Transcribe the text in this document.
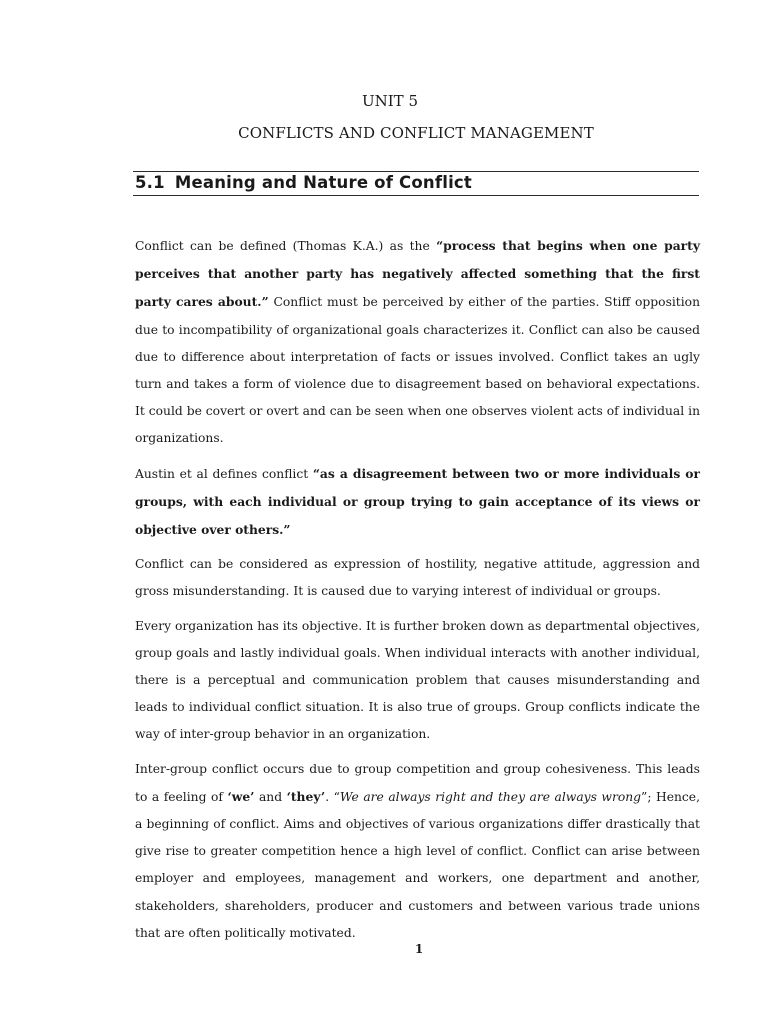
UNIT 5
CONFLICTS AND CONFLICT MANAGEMENT
5.1 Meaning and Nature of Conflict

Conflict can be defined (Thomas K.A.) as the “process that begins when one party perceives that another party has negatively affected something that the first party cares about.” Conflict must be perceived by either of the parties. Stiff opposition due to incompatibility of organizational goals characterizes it. Conflict can also be caused due to difference about interpretation of facts or issues involved. Conflict takes an ugly turn and takes a form of violence due to disagreement based on behavioral expectations. It could be covert or overt and can be seen when one observes violent acts of individual in organizations.

Austin et al defines conflict “as a disagreement between two or more individuals or groups, with each individual or group trying to gain acceptance of its views or objective over others.”

Conflict can be considered as expression of hostility, negative attitude, aggression and gross misunderstanding. It is caused due to varying interest of individual or groups.

Every organization has its objective. It is further broken down as departmental objectives, group goals and lastly individual goals. When individual interacts with another individual, there is a perceptual and communication problem that causes misunderstanding and leads to individual conflict situation. It is also true of groups. Group conflicts indicate the way of inter-group behavior in an organization.

Inter-group conflict occurs due to group competition and group cohesiveness. This leads to a feeling of ‘we’ and ‘they’. “We are always right and they are always wrong”; Hence, a beginning of conflict. Aims and objectives of various organizations differ drastically that give rise to greater competition hence a high level of conflict. Conflict can arise between employer and employees, management and workers, one department and another, stakeholders, shareholders, producer and customers and between various trade unions that are often politically motivated.

1
